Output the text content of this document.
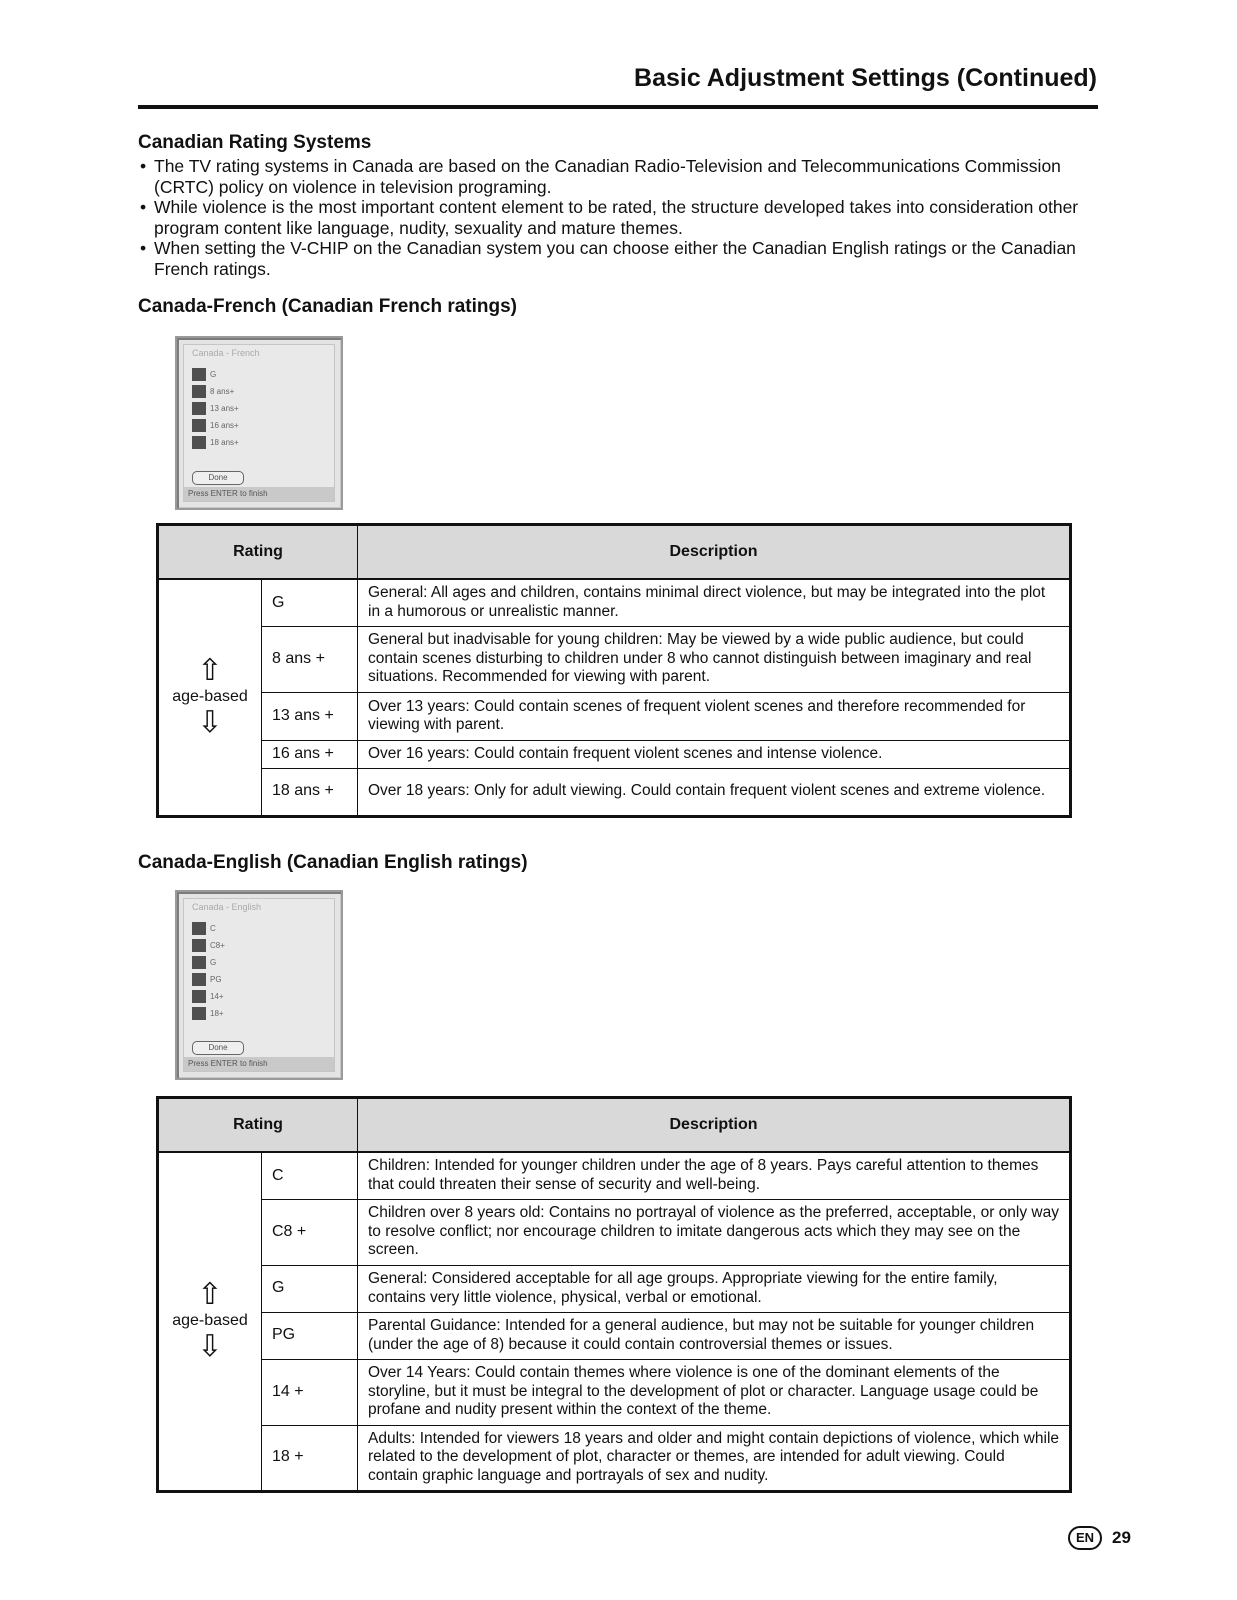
Basic Adjustment Settings (Continued)
Canadian Rating Systems
• The TV rating systems in Canada are based on the Canadian Radio-Television and Telecommunications Commission (CRTC) policy on violence in television programing.
• While violence is the most important content element to be rated, the structure developed takes into consideration other program content like language, nudity, sexuality and mature themes.
• When setting the V-CHIP on the Canadian system you can choose either the Canadian English ratings or the Canadian French ratings.
Canada-French (Canadian French ratings)
Canada - French
G
8 ans+
13 ans+
16 ans+
18 ans+
Done
Press ENTER to finish
Rating		Description

⇧
age-based
⇩	G	General: All ages and children, contains minimal direct violence, but may be integrated into the plot in a humorous or unrealistic manner.
	8 ans +	General but inadvisable for young children: May be viewed by a wide public audience, but could contain scenes disturbing to children under 8 who cannot distinguish between imaginary and real situations. Recommended for viewing with parent.
	13 ans +	Over 13 years: Could contain scenes of frequent violent scenes and therefore recommended for viewing with parent.
	16 ans +	Over 16 years: Could contain frequent violent scenes and intense violence.
	18 ans +	Over 18 years: Only for adult viewing. Could contain frequent violent scenes and extreme violence.
Canada-English (Canadian English ratings)
Canada - English
C
C8+
G
PG
14+
18+
Done
Press ENTER to finish
Rating		Description

⇧
age-based
⇩	C	Children: Intended for younger children under the age of 8 years. Pays careful attention to themes that could threaten their sense of security and well-being.
	C8 +	Children over 8 years old: Contains no portrayal of violence as the preferred, acceptable, or only way to resolve conflict; nor encourage children to imitate dangerous acts which they may see on the screen.
	G	General: Considered acceptable for all age groups. Appropriate viewing for the entire family, contains very little violence, physical, verbal or emotional.
	PG	Parental Guidance: Intended for a general audience, but may not be suitable for younger children (under the age of 8) because it could contain controversial themes or issues.
	14 +	Over 14 Years: Could contain themes where violence is one of the dominant elements of the storyline, but it must be integral to the development of plot or character. Language usage could be profane and nudity present within the context of the theme.
	18 +	Adults: Intended for viewers 18 years and older and might contain depictions of violence, which while related to the development of plot, character or themes, are intended for adult viewing. Could contain graphic language and portrayals of sex and nudity.
EN	29
